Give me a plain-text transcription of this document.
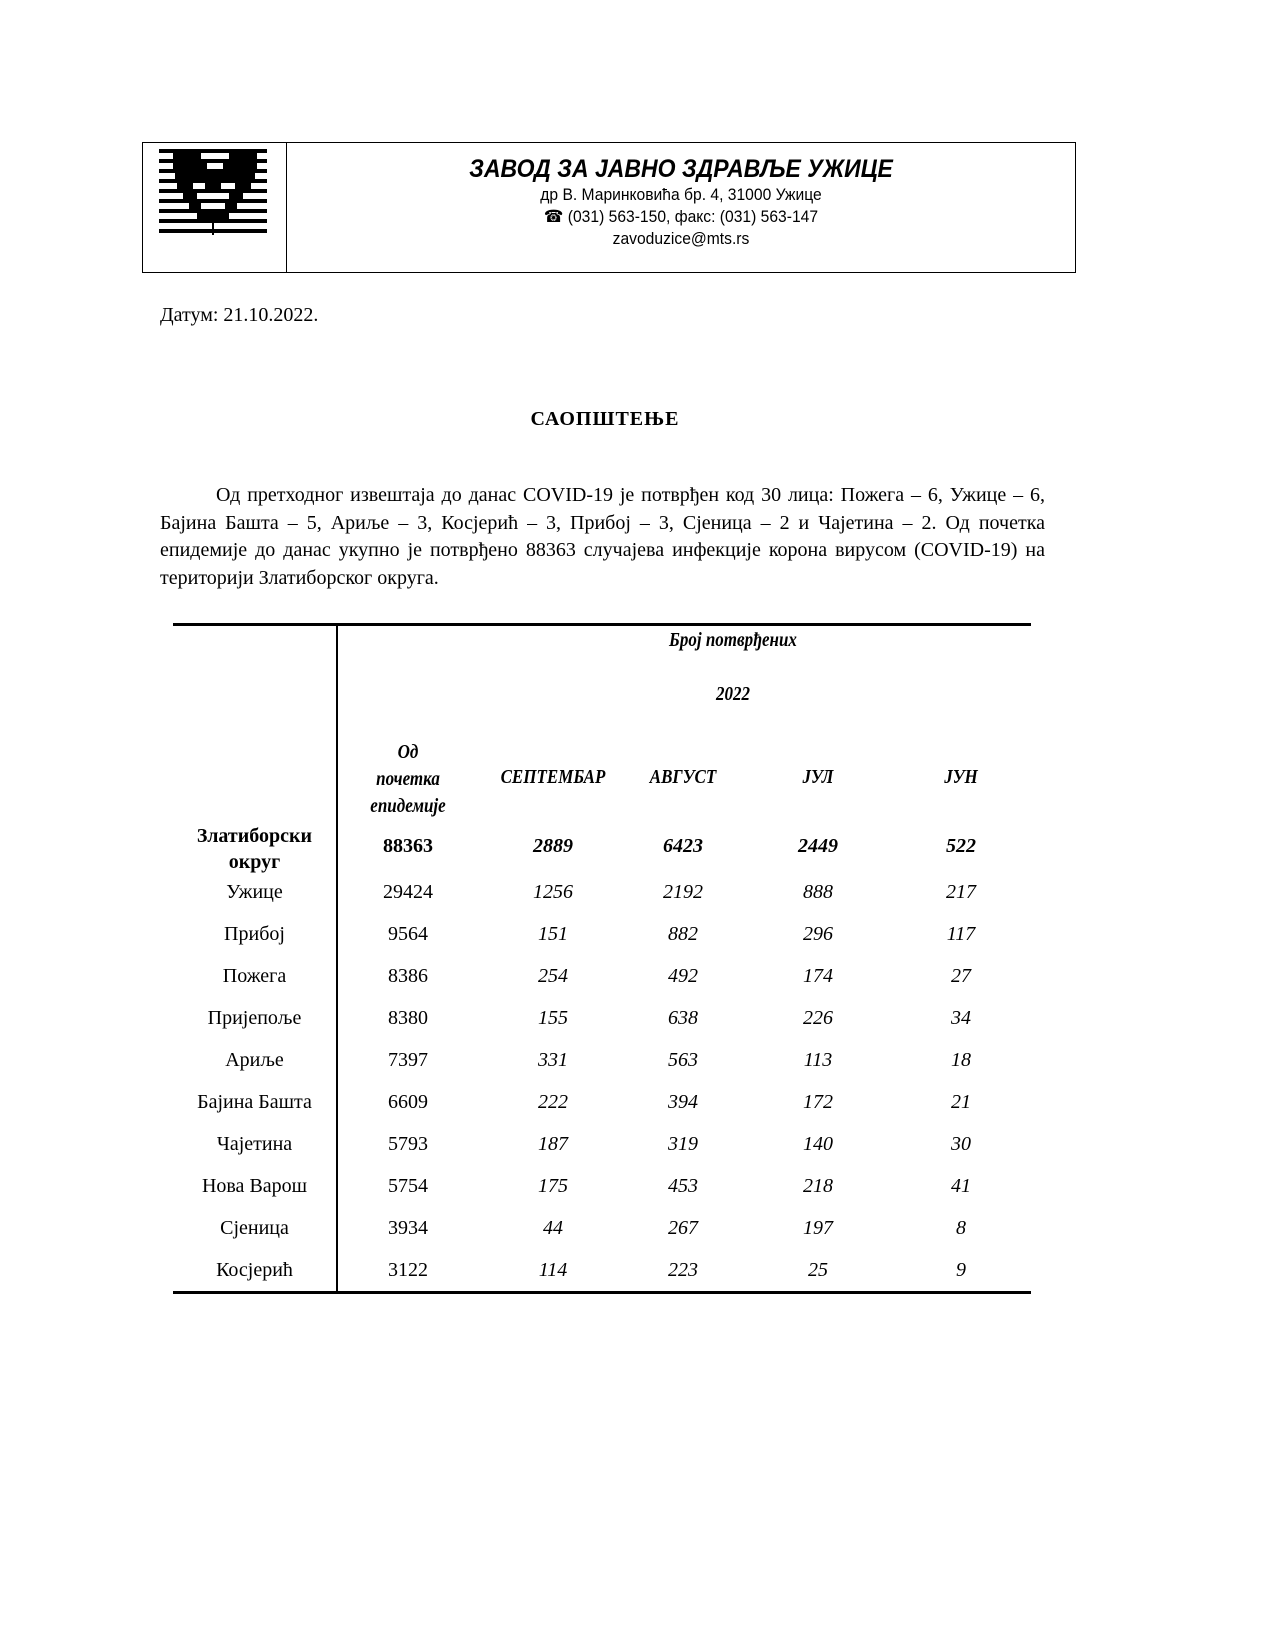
ЗАВОД ЗА ЈАВНО ЗДРАВЉЕ УЖИЦЕ
др В. Маринковића бр. 4, 31000 Ужице
☎ (031) 563-150, факс: (031) 563-147
zavoduzice@mts.rs
Датум: 21.10.2022.
САОПШТЕЊЕ
Од претходног извештаја до данас COVID-19 је потврђен код 30 лица: Пожега – 6, Ужице – 6, Бајина Башта – 5, Ариље – 3, Косјерић – 3, Прибој – 3, Сјеница – 2 и Чајетина – 2. Од почетка епидемије до данас укупно је потврђено 88363 случајева инфекције корона вирусом (COVID-19) на територији Златиборског округа.
Број потврђених
2022
Од
почетка
епидемије
СЕПТЕМБАР	АВГУСТ	ЈУЛ	ЈУН
Златиборски
округ
88363	2889	6423	2449	522
Ужице	29424	1256	2192	888	217
Прибој	9564	151	882	296	117
Пожега	8386	254	492	174	27
Пријепоље	8380	155	638	226	34
Ариље	7397	331	563	113	18
Бајина Башта	6609	222	394	172	21
Чајетина	5793	187	319	140	30
Нова Варош	5754	175	453	218	41
Сјеница	3934	44	267	197	8
Косјерић	3122	114	223	25	9
